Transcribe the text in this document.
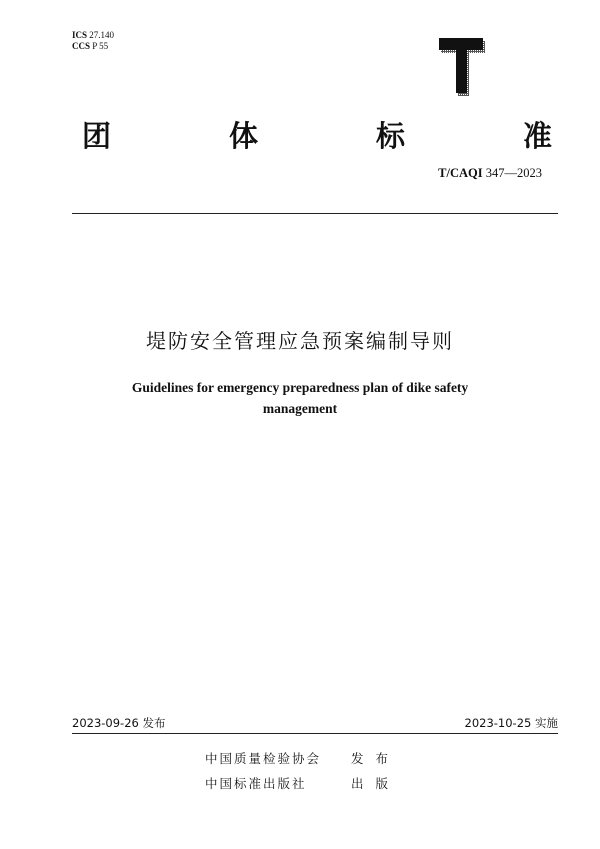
ICS 27.140
CCS P 55
团	体	标	准
T/CAQI 347—2023
堤防安全管理应急预案编制导则
Guidelines for emergency preparedness plan of dike safety
management
2023-09-26 发布	2023-10-25 实施
中国质量检验协会 发布
中国标准出版社	出版
